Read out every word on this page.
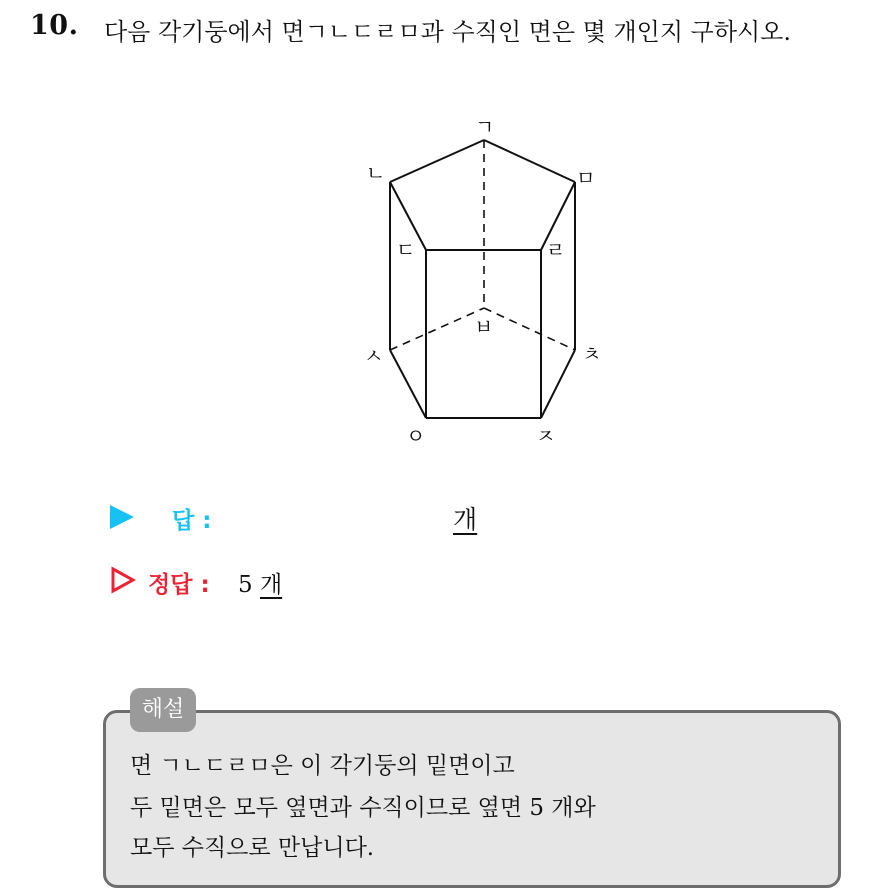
10. 다음 각기둥에서 면ㄱㄴㄷㄹㅁ과 수직인 면은 몇 개인지 구하시오.
ㄱ
ㄴ	ㅁ
ㄷ	ㄹ
ㅂ
ㅅ	ㅊ
ㅇ	ㅈ
답 :	개
정답 : 5 개
해설
면 ㄱㄴㄷㄹㅁ은 이 각기둥의 밑면이고
두 밑면은 모두 옆면과 수직이므로 옆면 5 개와
모두 수직으로 만납니다.
